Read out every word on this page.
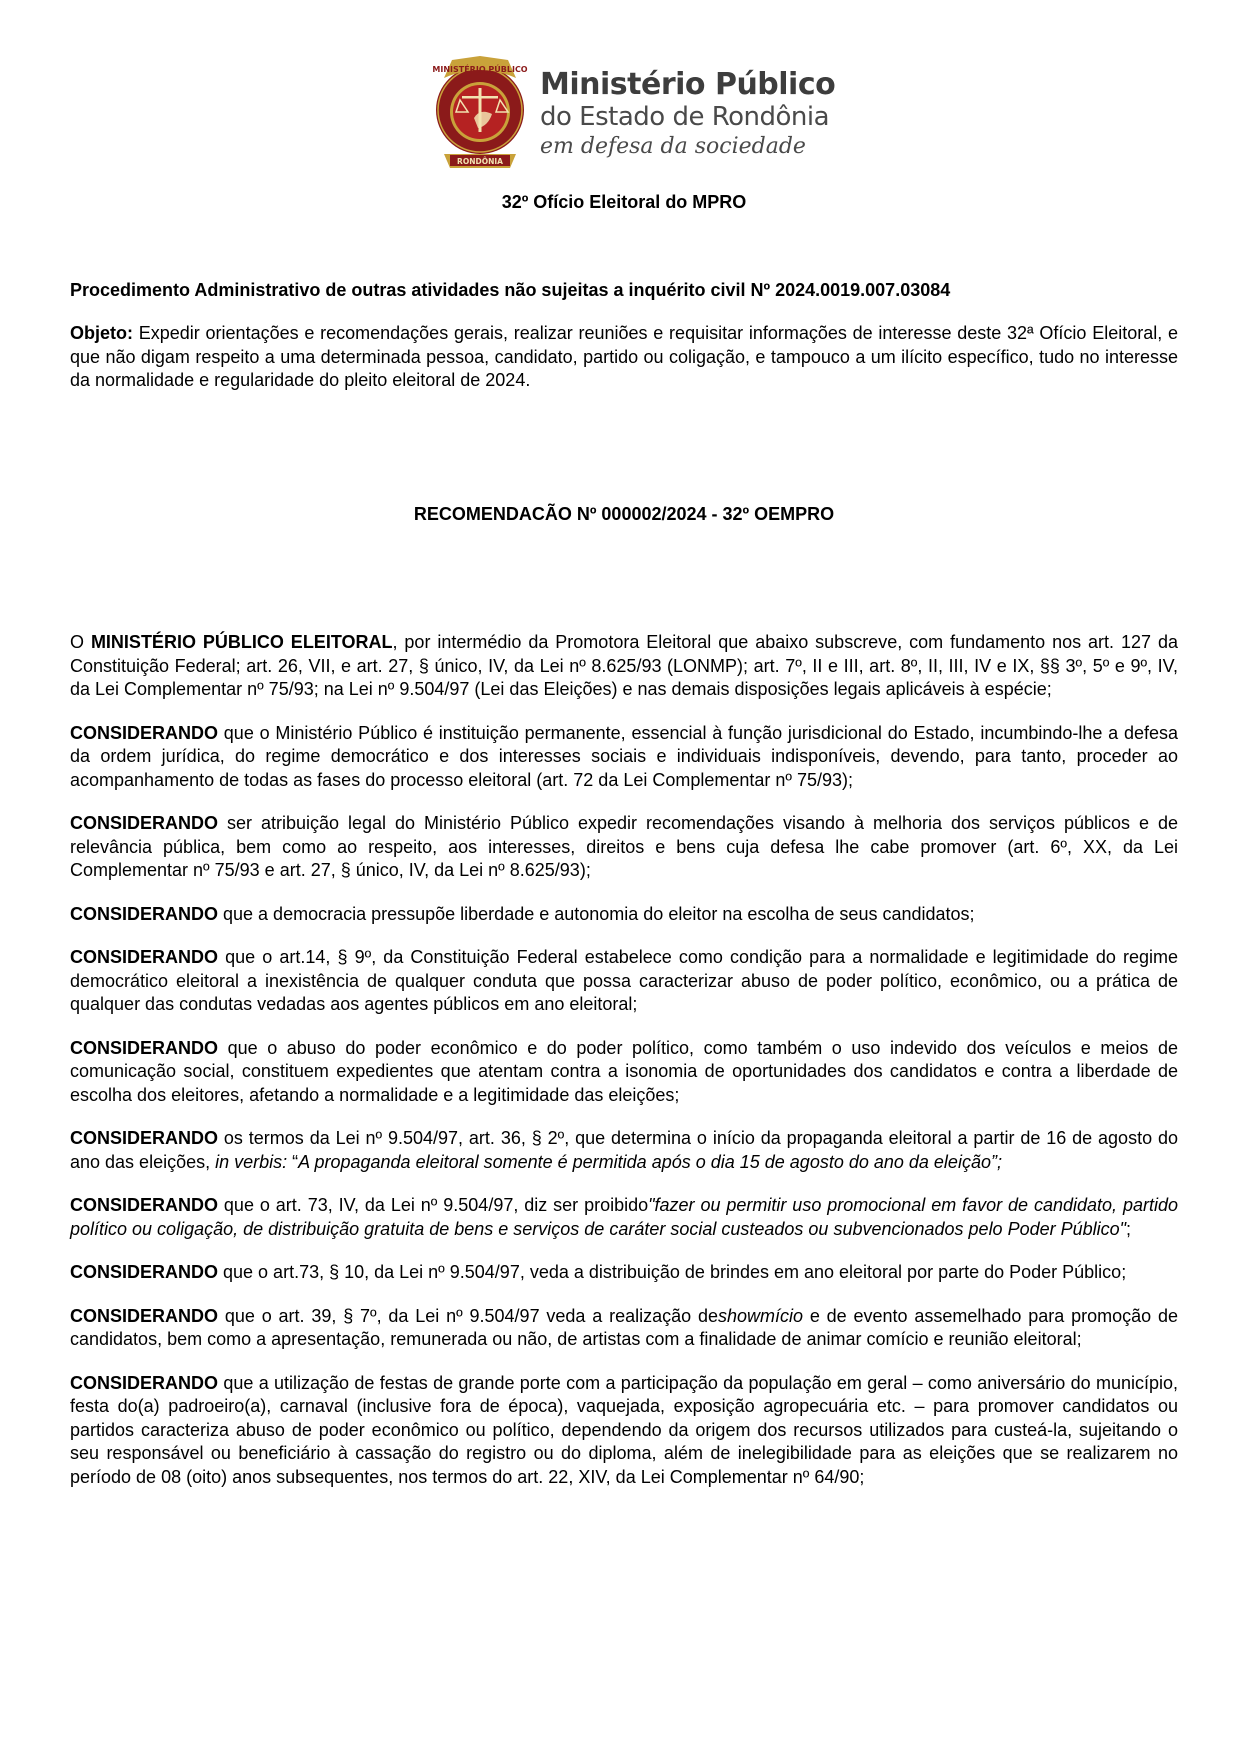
MINISTÉRIO PÚBLICO
RONDÔNIA
Ministério Público
do Estado de Rondônia
em defesa da sociedade
32º Ofício Eleitoral do MPRO
Procedimento Administrativo de outras atividades não sujeitas a inquérito civil Nº 2024.0019.007.03084
Objeto: Expedir orientações e recomendações gerais, realizar reuniões e requisitar informações de interesse deste 32ª Ofício Eleitoral, e que não digam respeito a uma determinada pessoa, candidato, partido ou coligação, e tampouco a um ilícito específico, tudo no interesse da normalidade e regularidade do pleito eleitoral de 2024.
RECOMENDACÃO Nº 000002/2024 - 32º OEMPRO

O MINISTÉRIO PÚBLICO ELEITORAL, por intermédio da Promotora Eleitoral que abaixo subscreve, com fundamento nos art. 127 da Constituição Federal; art. 26, VII, e art. 27, § único, IV, da Lei nº 8.625/93 (LONMP); art. 7º, II e III, art. 8º, II, III, IV e IX, §§ 3º, 5º e 9º, IV, da Lei Complementar nº 75/93; na Lei nº 9.504/97 (Lei das Eleições) e nas demais disposições legais aplicáveis à espécie;

CONSIDERANDO que o Ministério Público é instituição permanente, essencial à função jurisdicional do Estado, incumbindo-lhe a defesa da ordem jurídica, do regime democrático e dos interesses sociais e individuais indisponíveis, devendo, para tanto, proceder ao acompanhamento de todas as fases do processo eleitoral (art. 72 da Lei Complementar nº 75/93);

CONSIDERANDO ser atribuição legal do Ministério Público expedir recomendações visando à melhoria dos serviços públicos e de relevância pública, bem como ao respeito, aos interesses, direitos e bens cuja defesa lhe cabe promover (art. 6º, XX, da Lei Complementar nº 75/93 e art. 27, § único, IV, da Lei nº 8.625/93);

CONSIDERANDO que a democracia pressupõe liberdade e autonomia do eleitor na escolha de seus candidatos;

CONSIDERANDO que o art.14, § 9º, da Constituição Federal estabelece como condição para a normalidade e legitimidade do regime democrático eleitoral a inexistência de qualquer conduta que possa caracterizar abuso de poder político, econômico, ou a prática de qualquer das condutas vedadas aos agentes públicos em ano eleitoral;

CONSIDERANDO que o abuso do poder econômico e do poder político, como também o uso indevido dos veículos e meios de comunicação social, constituem expedientes que atentam contra a isonomia de oportunidades dos candidatos e contra a liberdade de escolha dos eleitores, afetando a normalidade e a legitimidade das eleições;

CONSIDERANDO os termos da Lei nº 9.504/97, art. 36, § 2º, que determina o início da propaganda eleitoral a partir de 16 de agosto do ano das eleições, in verbis: “A propaganda eleitoral somente é permitida após o dia 15 de agosto do ano da eleição”;

CONSIDERANDO que o art. 73, IV, da Lei nº 9.504/97, diz ser proibido"fazer ou permitir uso promocional em favor de candidato, partido político ou coligação, de distribuição gratuita de bens e serviços de caráter social custeados ou subvencionados pelo Poder Público";

CONSIDERANDO que o art.73, § 10, da Lei nº 9.504/97, veda a distribuição de brindes em ano eleitoral por parte do Poder Público;

CONSIDERANDO que o art. 39, § 7º, da Lei nº 9.504/97 veda a realização deshowmício e de evento assemelhado para promoção de candidatos, bem como a apresentação, remunerada ou não, de artistas com a finalidade de animar comício e reunião eleitoral;

CONSIDERANDO que a utilização de festas de grande porte com a participação da população em geral – como aniversário do município, festa do(a) padroeiro(a), carnaval (inclusive fora de época), vaquejada, exposição agropecuária etc. – para promover candidatos ou partidos caracteriza abuso de poder econômico ou político, dependendo da origem dos recursos utilizados para custeá-la, sujeitando o seu responsável ou beneficiário à cassação do registro ou do diploma, além de inelegibilidade para as eleições que se realizarem no período de 08 (oito) anos subsequentes, nos termos do art. 22, XIV, da Lei Complementar nº 64/90;
